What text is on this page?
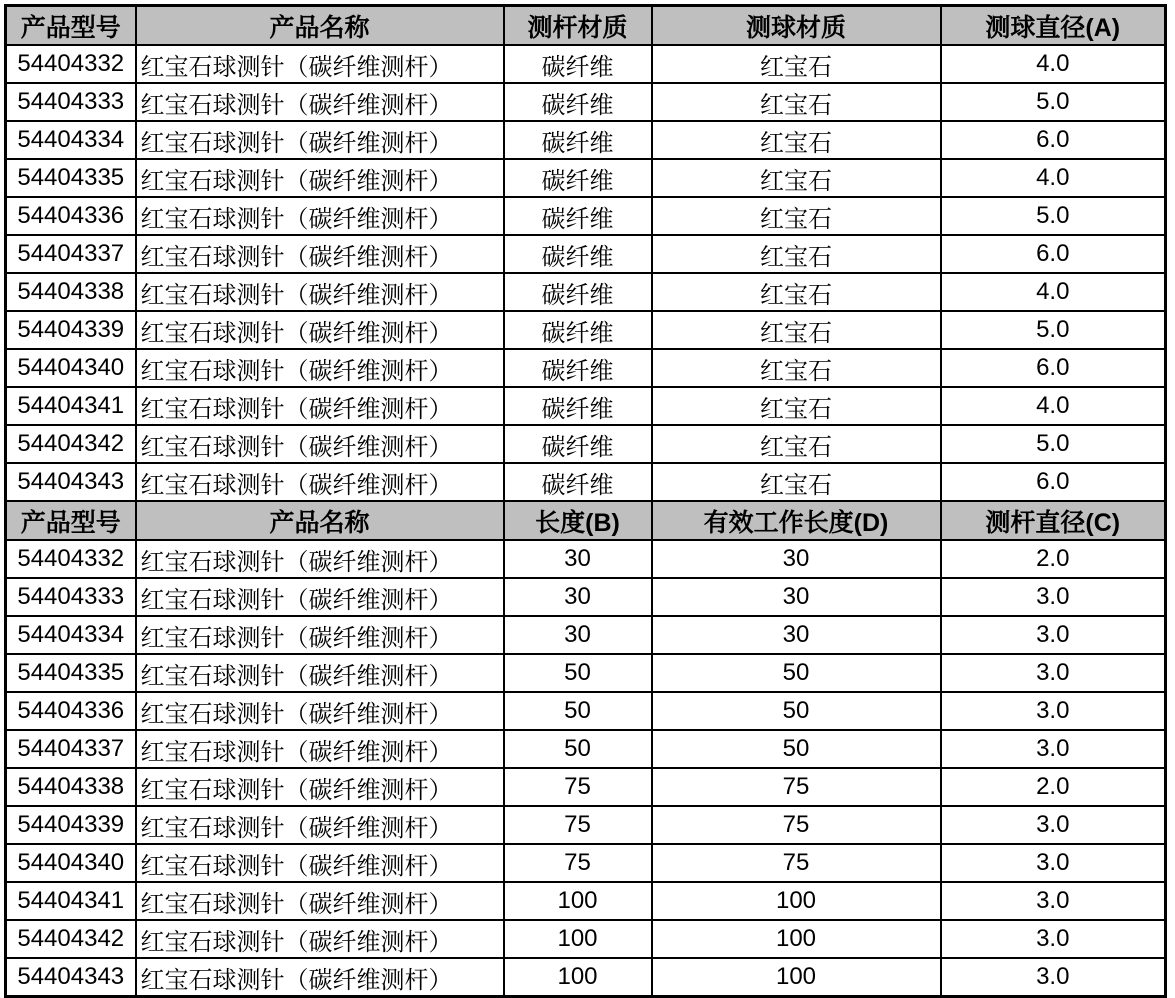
产品型号	产品名称	测杆材质	测球材质	测球直径(A)
54404332	红宝石球测针（碳纤维测杆）	碳纤维	红宝石	4.0
54404333	红宝石球测针（碳纤维测杆）	碳纤维	红宝石	5.0
54404334	红宝石球测针（碳纤维测杆）	碳纤维	红宝石	6.0
54404335	红宝石球测针（碳纤维测杆）	碳纤维	红宝石	4.0
54404336	红宝石球测针（碳纤维测杆）	碳纤维	红宝石	5.0
54404337	红宝石球测针（碳纤维测杆）	碳纤维	红宝石	6.0
54404338	红宝石球测针（碳纤维测杆）	碳纤维	红宝石	4.0
54404339	红宝石球测针（碳纤维测杆）	碳纤维	红宝石	5.0
54404340	红宝石球测针（碳纤维测杆）	碳纤维	红宝石	6.0
54404341	红宝石球测针（碳纤维测杆）	碳纤维	红宝石	4.0
54404342	红宝石球测针（碳纤维测杆）	碳纤维	红宝石	5.0
54404343	红宝石球测针（碳纤维测杆）	碳纤维	红宝石	6.0
产品型号	产品名称	长度(B)	有效工作长度(D)	测杆直径(C)
54404332	红宝石球测针（碳纤维测杆）	30	30	2.0
54404333	红宝石球测针（碳纤维测杆）	30	30	3.0
54404334	红宝石球测针（碳纤维测杆）	30	30	3.0
54404335	红宝石球测针（碳纤维测杆）	50	50	3.0
54404336	红宝石球测针（碳纤维测杆）	50	50	3.0
54404337	红宝石球测针（碳纤维测杆）	50	50	3.0
54404338	红宝石球测针（碳纤维测杆）	75	75	2.0
54404339	红宝石球测针（碳纤维测杆）	75	75	3.0
54404340	红宝石球测针（碳纤维测杆）	75	75	3.0
54404341	红宝石球测针（碳纤维测杆）	100	100	3.0
54404342	红宝石球测针（碳纤维测杆）	100	100	3.0
54404343	红宝石球测针（碳纤维测杆）	100	100	3.0
